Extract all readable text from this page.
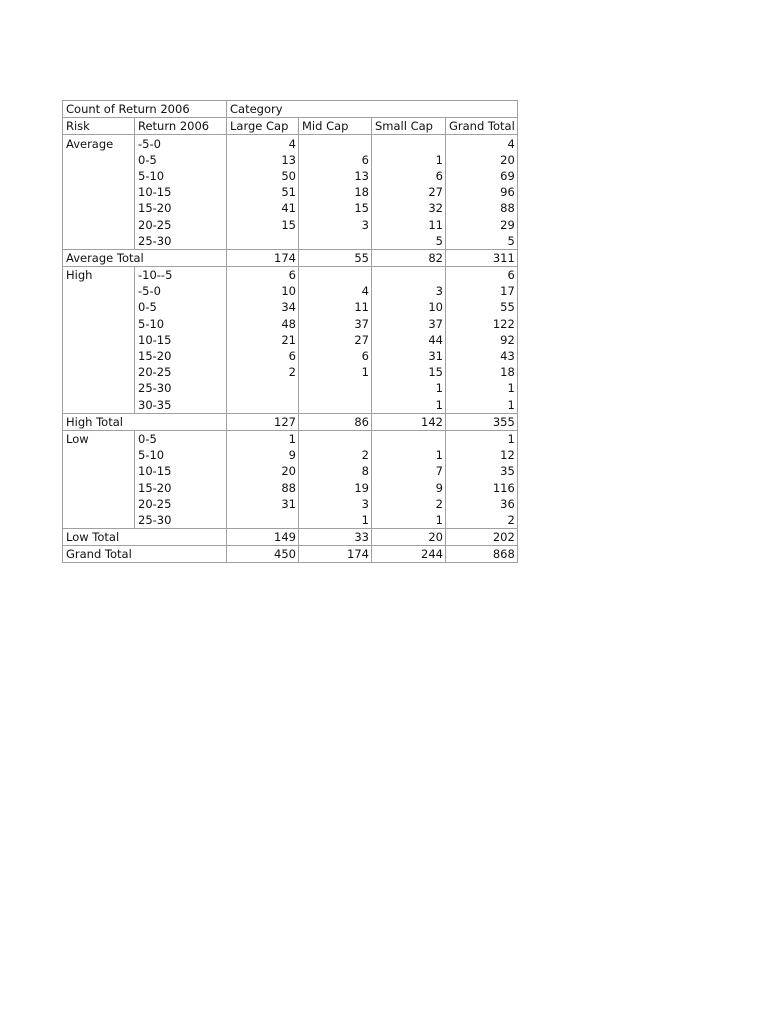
Count of Return 2006		Category			
Risk	Return 2006	Large Cap	Mid Cap	Small Cap	Grand Total
Average	-5-0	4			4
	0-5	13	6	1	20
	5-10	50	13	6	69
	10-15	51	18	27	96
	15-20	41	15	32	88
	20-25	15	3	11	29
	25-30			5	5
Average Total		174	55	82	311
High	-10--5	6			6
	-5-0	10	4	3	17
	0-5	34	11	10	55
	5-10	48	37	37	122
	10-15	21	27	44	92
	15-20	6	6	31	43
	20-25	2	1	15	18
	25-30			1	1
	30-35			1	1
High Total		127	86	142	355
Low	0-5	1			1
	5-10	9	2	1	12
	10-15	20	8	7	35
	15-20	88	19	9	116
	20-25	31	3	2	36
	25-30		1	1	2
Low Total		149	33	20	202
Grand Total		450	174	244	868
